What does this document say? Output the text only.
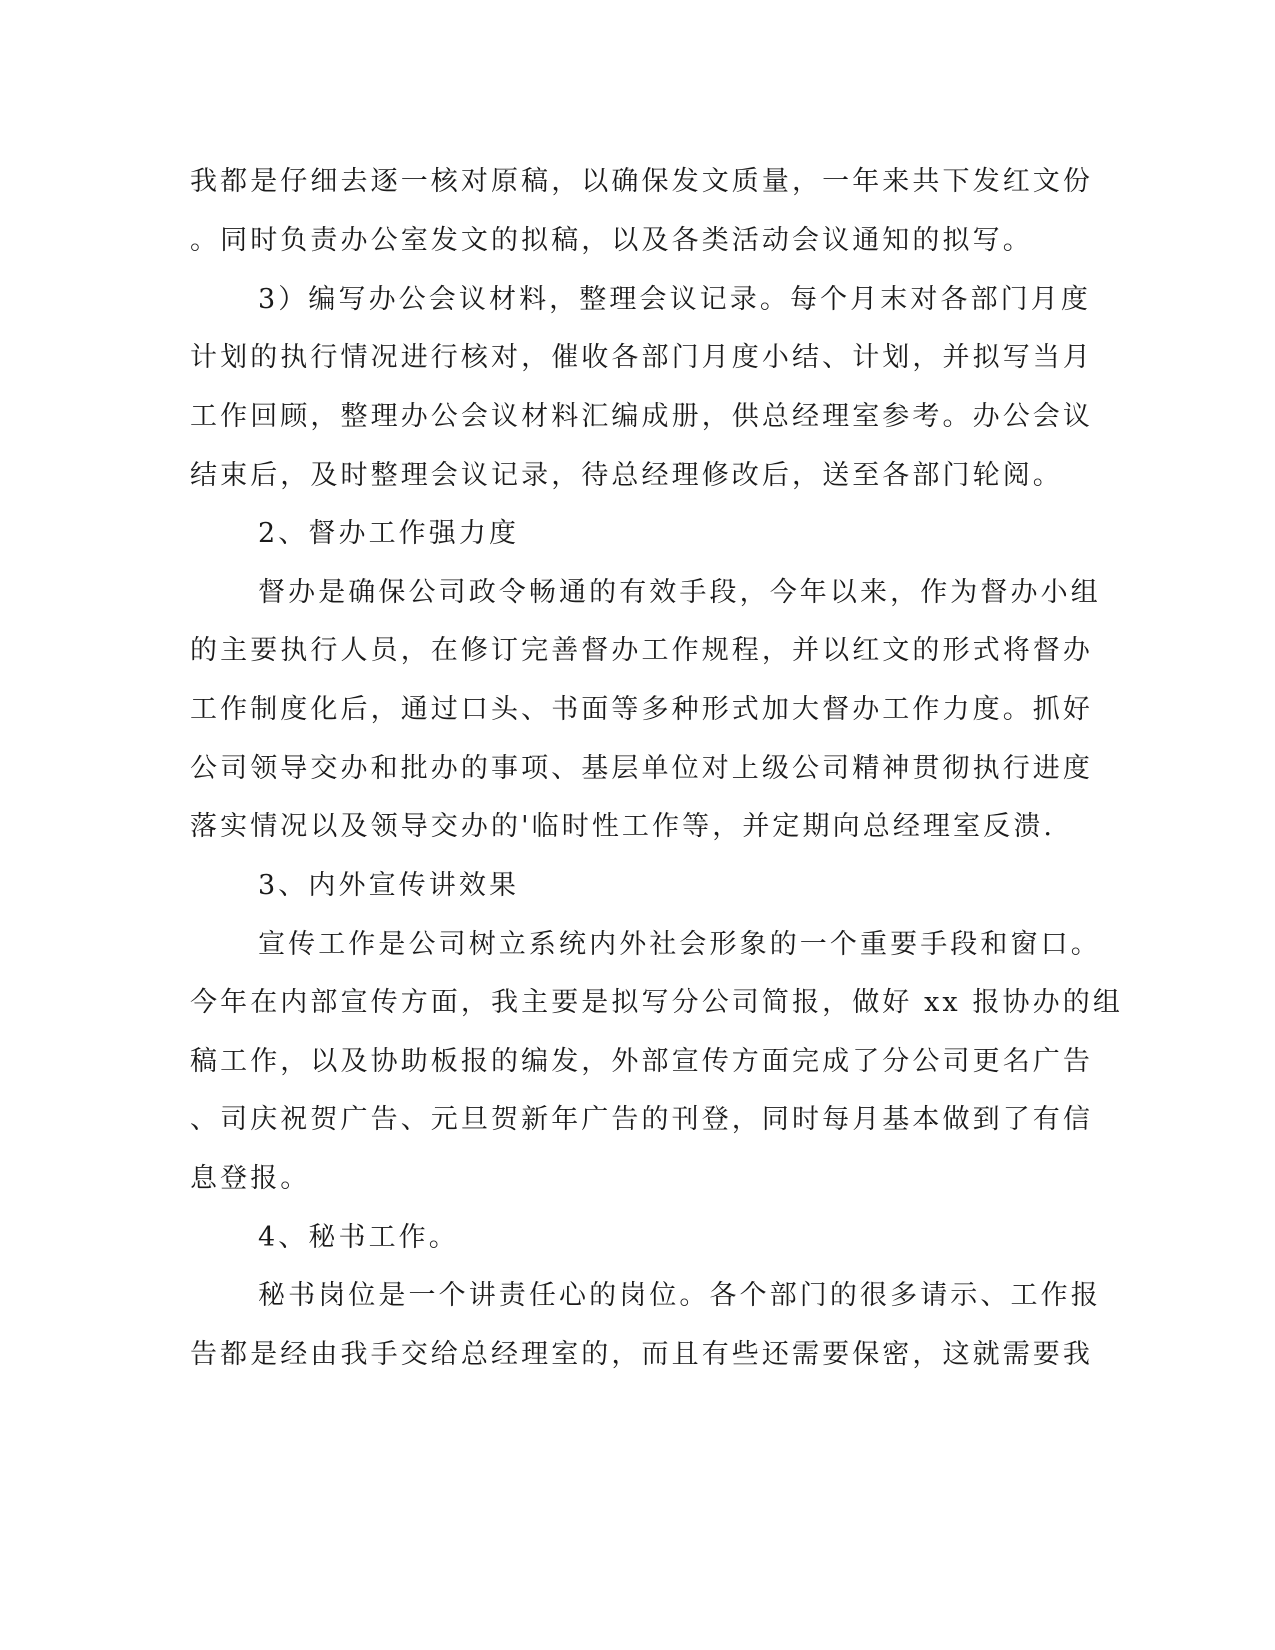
我都是仔细去逐一核对原稿，以确保发文质量，一年来共下发红文份
。同时负责办公室发文的拟稿，以及各类活动会议通知的拟写。
3）编写办公会议材料，整理会议记录。每个月末对各部门月度
计划的执行情况进行核对，催收各部门月度小结、计划，并拟写当月
工作回顾，整理办公会议材料汇编成册，供总经理室参考。办公会议
结束后，及时整理会议记录，待总经理修改后，送至各部门轮阅。
2、督办工作强力度
督办是确保公司政令畅通的有效手段，今年以来，作为督办小组
的主要执行人员，在修订完善督办工作规程，并以红文的形式将督办
工作制度化后，通过口头、书面等多种形式加大督办工作力度。抓好
公司领导交办和批办的事项、基层单位对上级公司精神贯彻执行进度
落实情况以及领导交办的'临时性工作等，并定期向总经理室反溃.
3、内外宣传讲效果
宣传工作是公司树立系统内外社会形象的一个重要手段和窗口。
今年在内部宣传方面，我主要是拟写分公司简报，做好 xx 报协办的组
稿工作，以及协助板报的编发，外部宣传方面完成了分公司更名广告
、司庆祝贺广告、元旦贺新年广告的刊登，同时每月基本做到了有信
息登报。
4、秘书工作。
秘书岗位是一个讲责任心的岗位。各个部门的很多请示、工作报
告都是经由我手交给总经理室的，而且有些还需要保密，这就需要我
